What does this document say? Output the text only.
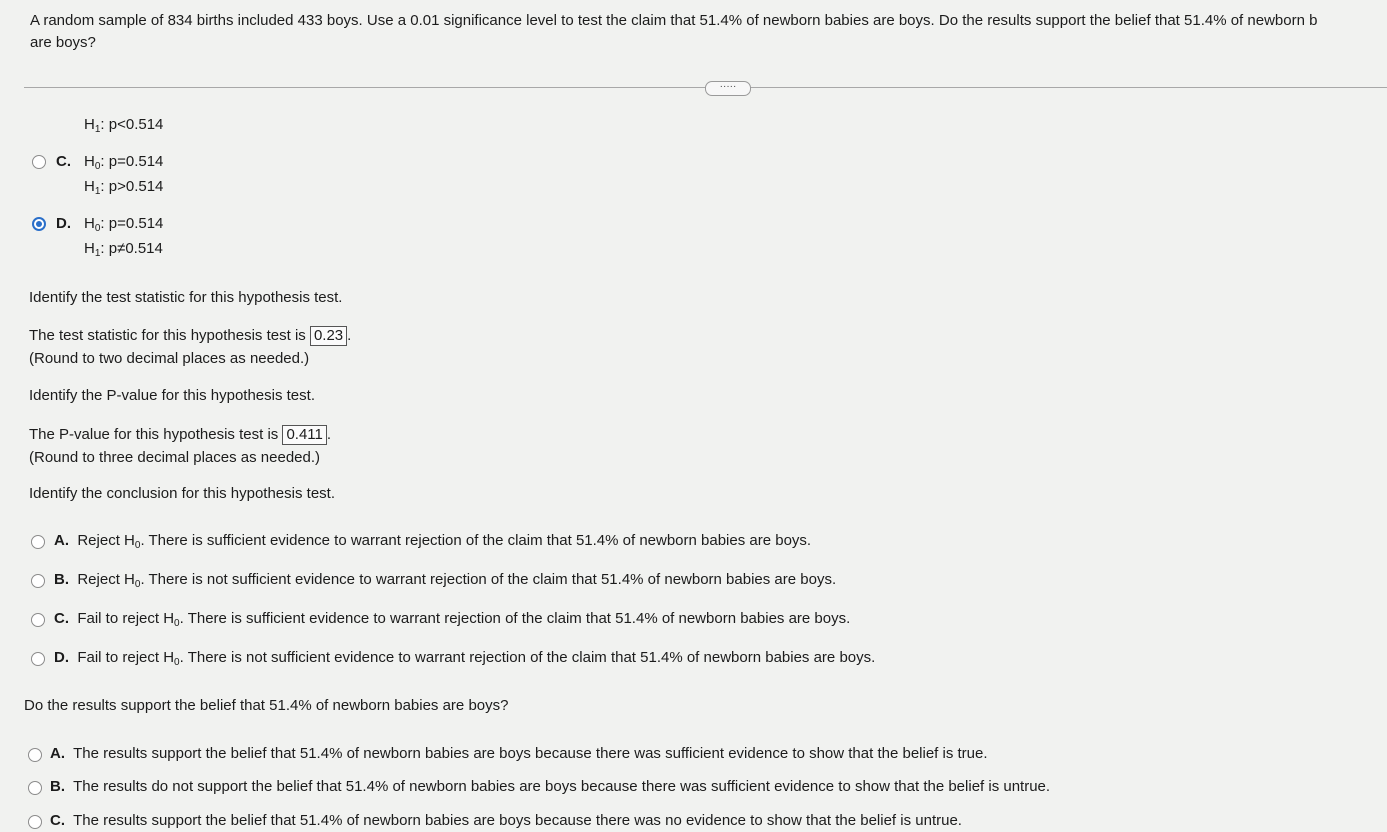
A random sample of 834 births included 433 boys. Use a 0.01 significance level to test the claim that 51.4% of newborn babies are boys. Do the results support the belief that 51.4% of newborn b
are boys?
·····
$H_1$: p<0.514
C. $H_0$: p=0.514
$H_1$: p>0.514
D. $H_0$: p=0.514
$H_1$: p≠0.514
Identify the test statistic for this hypothesis test.
The test statistic for this hypothesis test is 0.23 .
(Round to two decimal places as needed.)
Identify the P-value for this hypothesis test.
The P-value for this hypothesis test is 0.411 .
(Round to three decimal places as needed.)
Identify the conclusion for this hypothesis test.
A. Reject $H_0$. There is sufficient evidence to warrant rejection of the claim that 51.4% of newborn babies are boys.
B. Reject $H_0$. There is not sufficient evidence to warrant rejection of the claim that 51.4% of newborn babies are boys.
C. Fail to reject $H_0$. There is sufficient evidence to warrant rejection of the claim that 51.4% of newborn babies are boys.
D. Fail to reject $H_0$. There is not sufficient evidence to warrant rejection of the claim that 51.4% of newborn babies are boys.
Do the results support the belief that 51.4% of newborn babies are boys?
A. The results support the belief that 51.4% of newborn babies are boys because there was sufficient evidence to show that the belief is true.
B. The results do not support the belief that 51.4% of newborn babies are boys because there was sufficient evidence to show that the belief is untrue.
C. The results support the belief that 51.4% of newborn babies are boys because there was no evidence to show that the belief is untrue.
